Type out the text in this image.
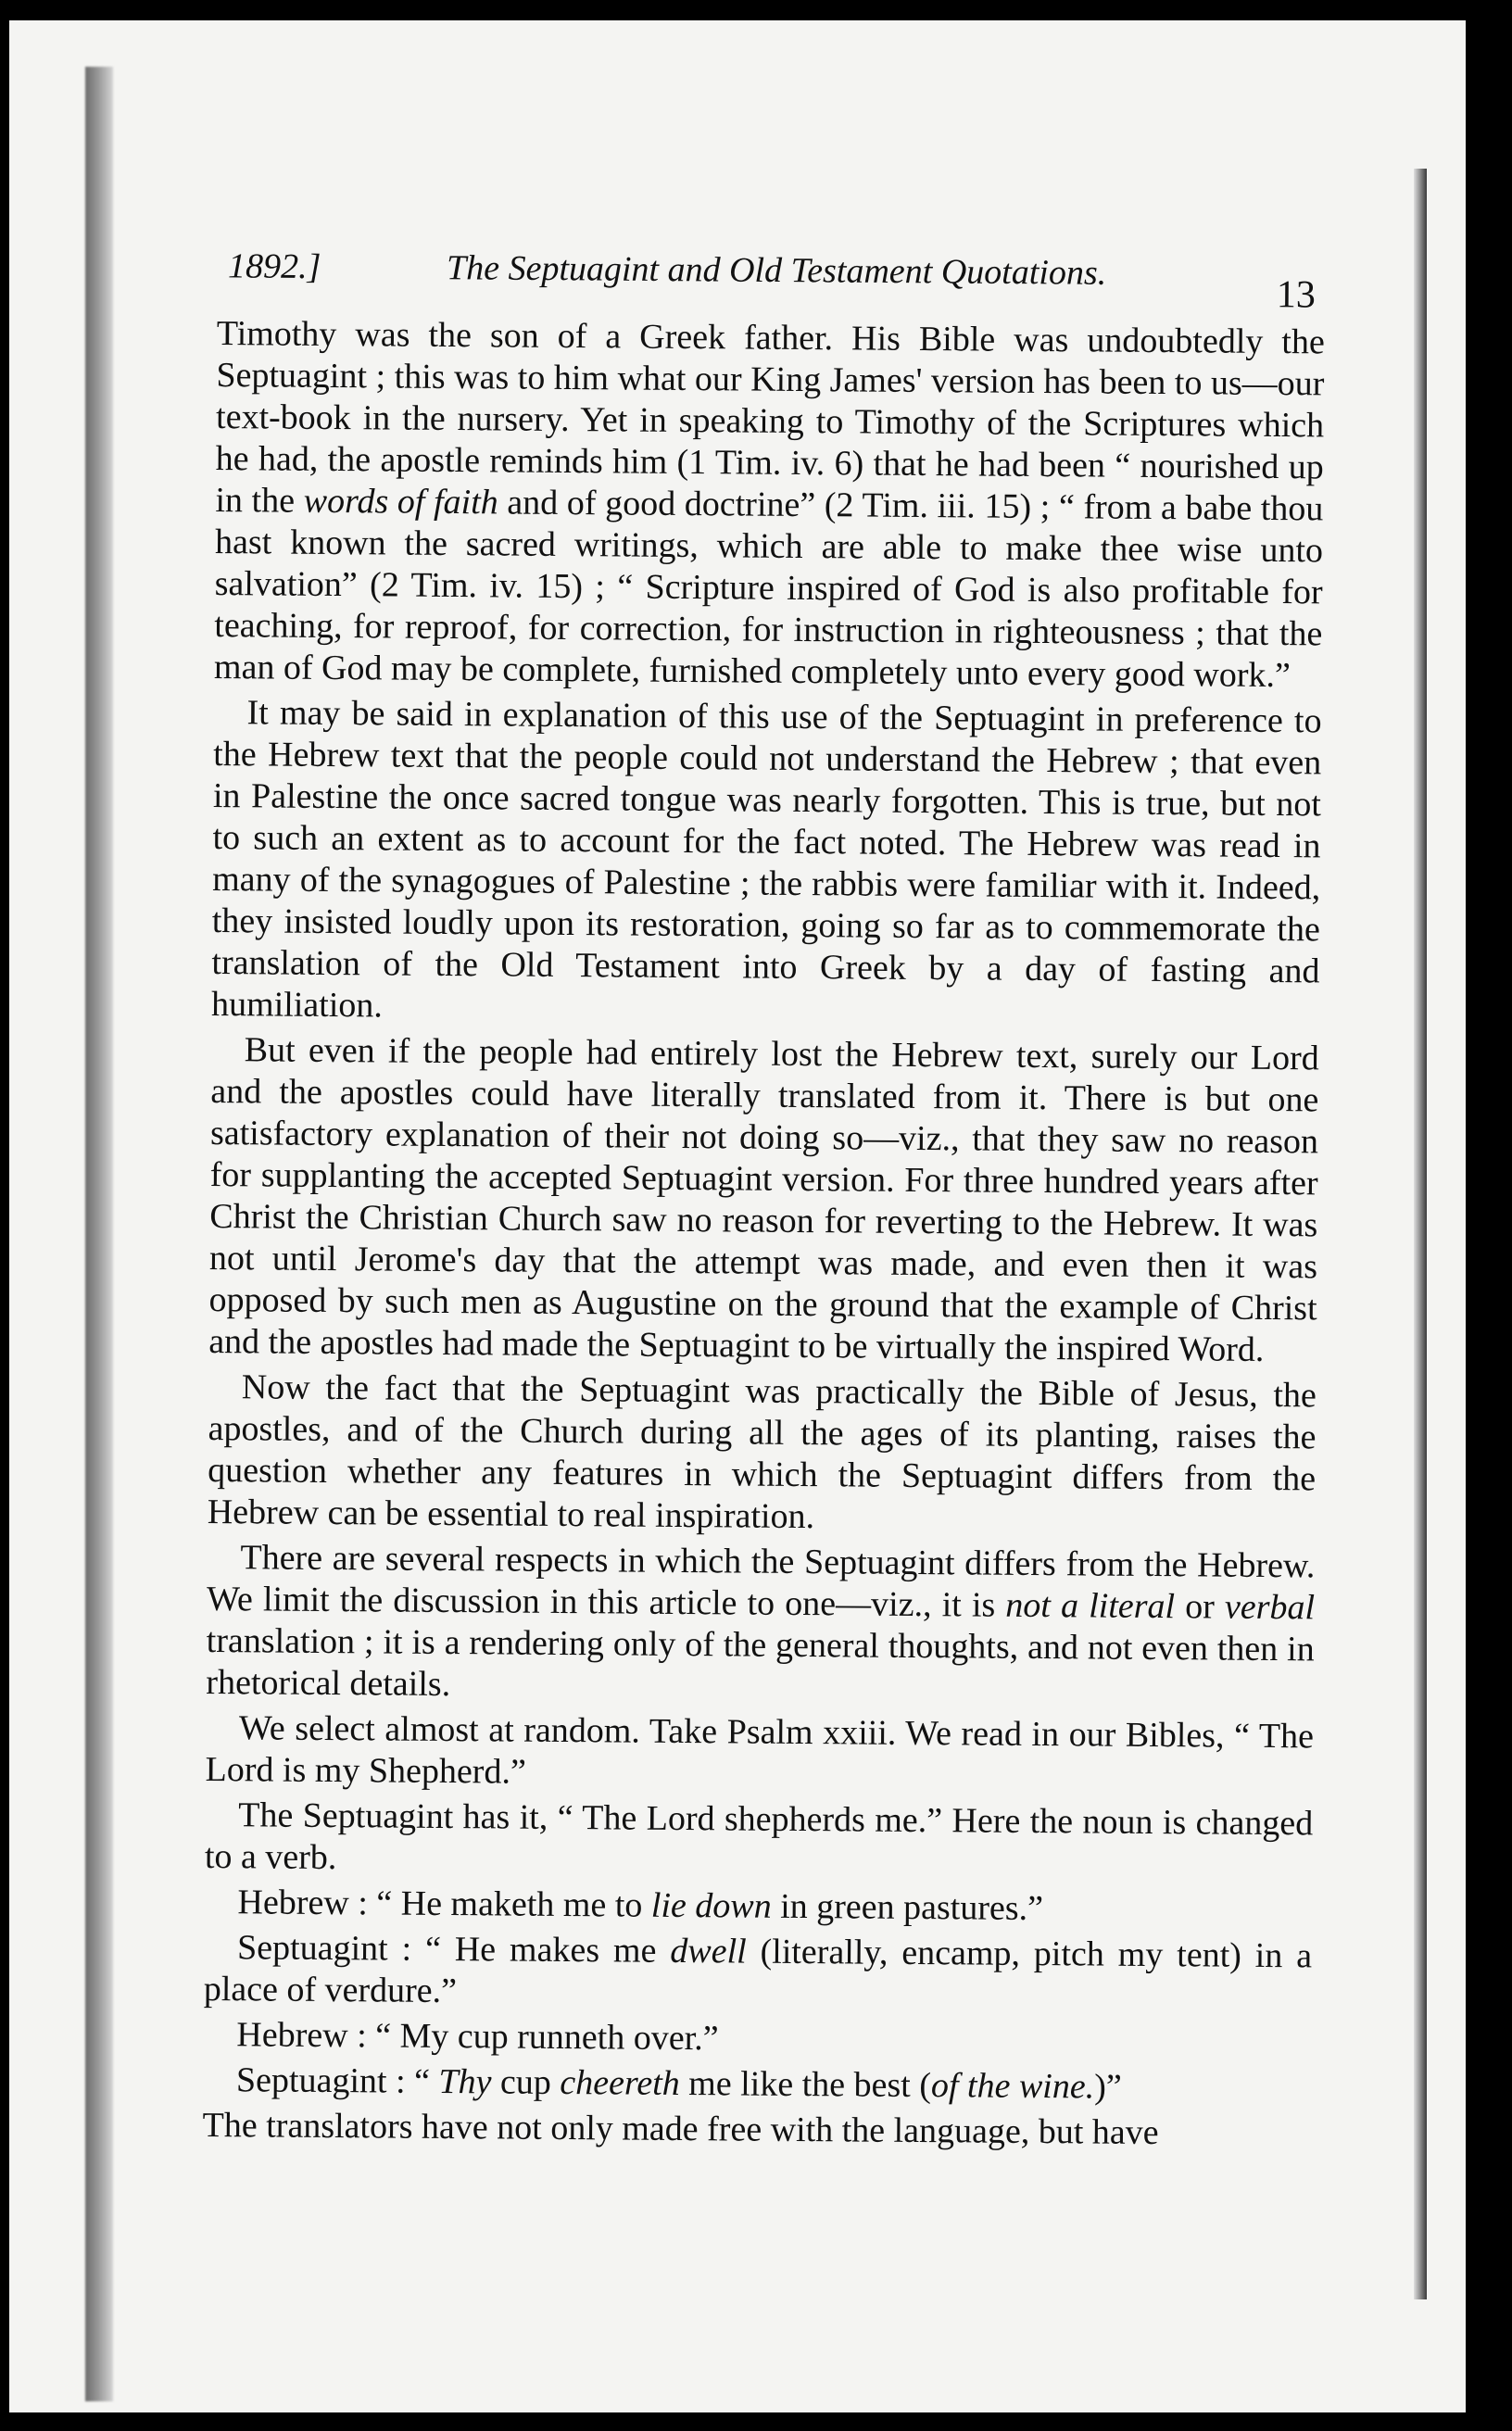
1892.]	The Septuagint and Old Testament Quotations.
13

Timothy was the son of a Greek father. His Bible was undoubtedly the Septuagint ; this was to him what our King James' version has been to us—our text-book in the nursery. Yet in speaking to Timothy of the Scriptures which he had, the apostle reminds him (1 Tim. iv. 6) that he had been “ nourished up in the words of faith and of good doctrine” (2 Tim. iii. 15) ; “ from a babe thou hast known the sacred writings, which are able to make thee wise unto salvation” (2 Tim. iv. 15) ; “ Scripture inspired of God is also profitable for teaching, for reproof, for correction, for instruction in righteousness ; that the man of God may be complete, furnished completely unto every good work.”

It may be said in explanation of this use of the Septuagint in preference to the Hebrew text that the people could not understand the Hebrew ; that even in Palestine the once sacred tongue was nearly forgotten. This is true, but not to such an extent as to account for the fact noted. The Hebrew was read in many of the synagogues of Palestine ; the rabbis were familiar with it. Indeed, they insisted loudly upon its restoration, going so far as to commemorate the translation of the Old Testament into Greek by a day of fasting and humiliation.

But even if the people had entirely lost the Hebrew text, surely our Lord and the apostles could have literally translated from it. There is but one satisfactory explanation of their not doing so—viz., that they saw no reason for supplanting the accepted Septuagint version. For three hundred years after Christ the Christian Church saw no reason for reverting to the Hebrew. It was not until Jerome's day that the attempt was made, and even then it was opposed by such men as Augustine on the ground that the example of Christ and the apostles had made the Septuagint to be virtually the inspired Word.

Now the fact that the Septuagint was practically the Bible of Jesus, the apostles, and of the Church during all the ages of its planting, raises the question whether any features in which the Septuagint differs from the Hebrew can be essential to real inspiration.

There are several respects in which the Septuagint differs from the Hebrew. We limit the discussion in this article to one—viz., it is not a literal or verbal translation ; it is a rendering only of the general thoughts, and not even then in rhetorical details.

We select almost at random. Take Psalm xxiii. We read in our Bibles, “ The Lord is my Shepherd.”

The Septuagint has it, “ The Lord shepherds me.” Here the noun is changed to a verb.

Hebrew : “ He maketh me to lie down in green pastures.”

Septuagint : “ He makes me dwell (literally, encamp, pitch my tent) in a place of verdure.”

Hebrew : “ My cup runneth over.”

Septuagint : “ Thy cup cheereth me like the best (of the wine.)”

The translators have not only made free with the language, but have
